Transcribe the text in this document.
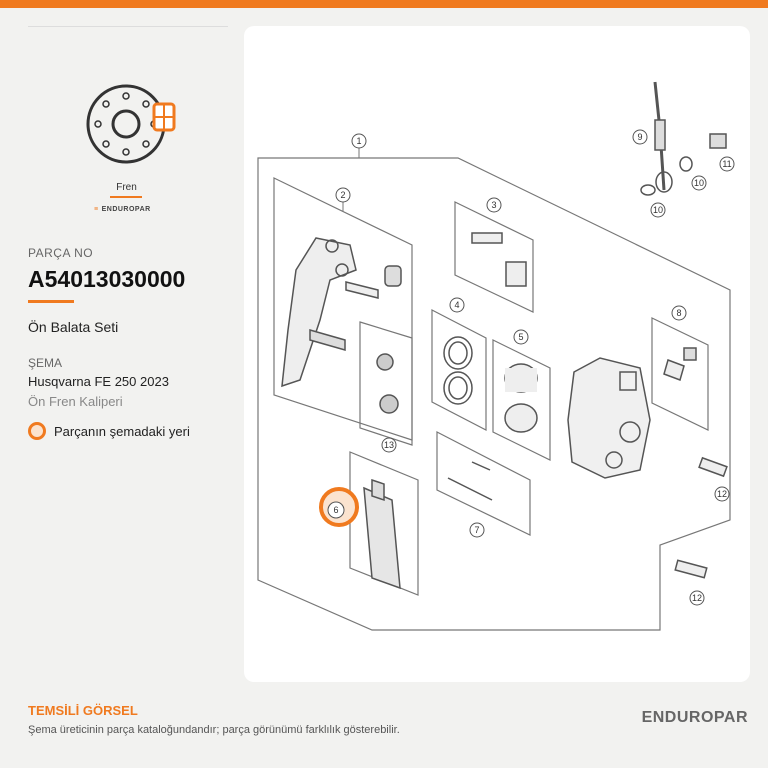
Fren
≡ ENDUROPAR
PARÇA NO
A54013030000
Ön Balata Seti
ŞEMA
Husqvarna FE 250 2023
Ön Fren Kaliperi
Parçanın şemadaki yeri
1
2
3
4
5
6
7
8
9
10
10
11
12
12
13
TEMSİLİ GÖRSEL
Şema üreticinin parça kataloğundandır; parça görünümü farklılık gösterebilir.
ENDUROPAR
